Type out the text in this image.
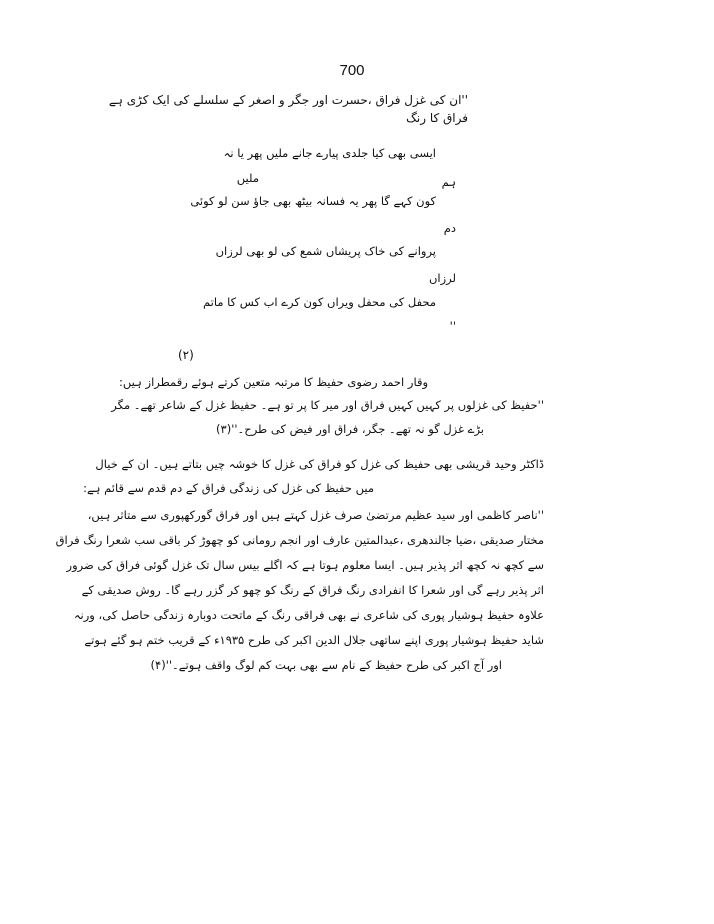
700
''ان کی غزل فراق ،حسرت اور جگر و اصغر کے سلسلے کی ایک کڑی ہے
فراق کا رنگ
ایسی بھی کیا جلدی پیارے جانے ملیں پھر یا نہ
ملیں	ہم
کون کہے گا پھر یہ فسانہ بیٹھ بھی جاؤ سن لو کوئی
دم
پروانے کی خاک پریشاں شمع کی لو بھی لرزاں
لرزاں
محفل کی محفل ویراں کون کرے اب کس کا ماتم
''
(۲)
وقار احمد رضوی حفیظ کا مرتبہ متعین کرتے ہوئے رقمطراز ہیں:
''حفیظ کی غزلوں پر کہیں کہیں فراق اور میر کا پر تو ہے۔ حفیظ غزل کے شاعر تھے۔ مگر
بڑے غزل گو نہ تھے۔ جگر، فراق اور فیض کی طرح۔''(۳)
ڈاکٹر وحید قریشی بھی حفیظ کی غزل کو فراق کی غزل کا خوشہ چیں بتاتے ہیں۔ ان کے خیال
میں حفیظ کی غزل کی زندگی فراق کے دم قدم سے قائم ہے:
''ناصر کاظمی اور سید عظیم مرتضیٰ صرف غزل کہتے ہیں اور فراق گورکھپوری سے متاثر ہیں،
مختار صدیقی ،ضیا جالندھری ،عبدالمتین عارف اور انجم رومانی کو چھوڑ کر باقی سب شعرا رنگ فراق
سے کچھ نہ کچھ اثر پذیر ہیں۔ ایسا معلوم ہوتا ہے کہ اگلے بیس سال تک غزل گوئی فراق کی ضرور
اثر پذیر رہے گی اور شعرا کا انفرادی رنگ فراق کے رنگ کو چھو کر گزر رہے گا۔ روش صدیقی کے
علاوہ حفیظ ہوشیار پوری کی شاعری نے بھی فراقی رنگ کے ماتحت دوبارہ زندگی حاصل کی، ورنہ
شاید حفیظ ہوشیار پوری اپنے ساتھی جلال الدین اکبر کی طرح ۱۹۳۵ء کے قریب ختم ہو گئے ہوتے
اور آج اکبر کی طرح حفیظ کے نام سے بھی بہت کم لوگ واقف ہوتے۔''(۴)
